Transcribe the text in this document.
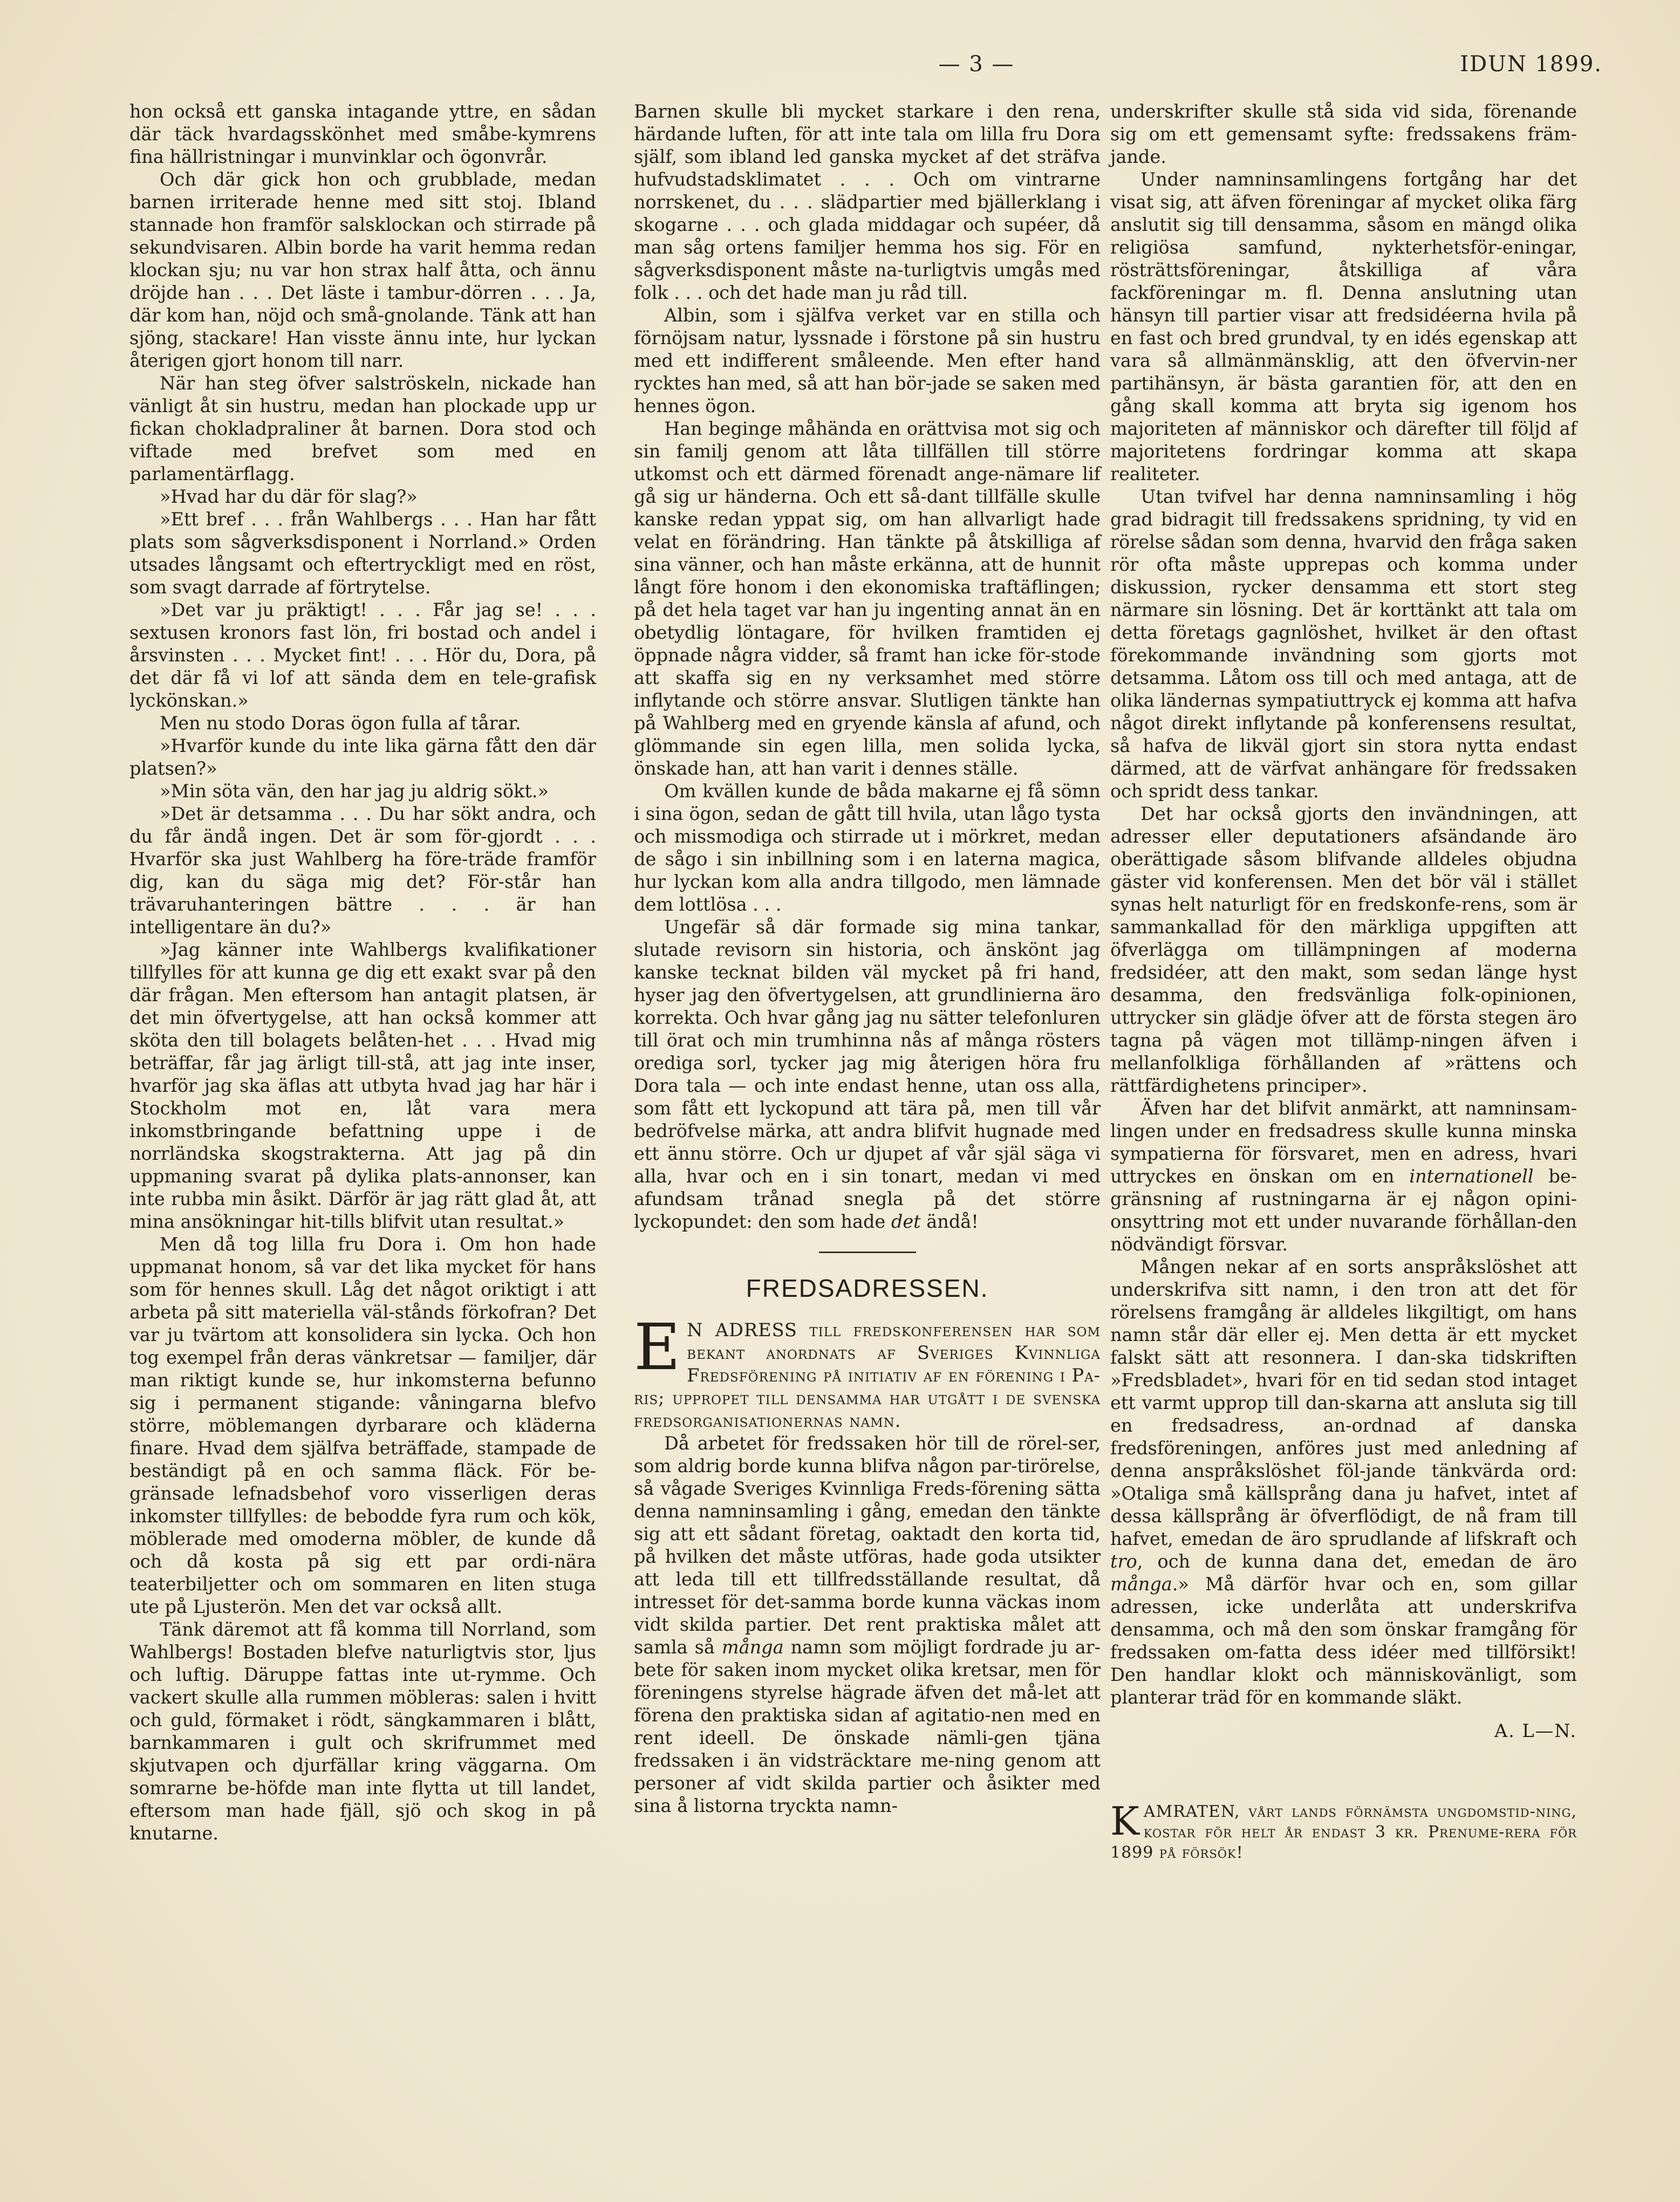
— 3 —	IDUN 1899.

hon också ett ganska intagande yttre, en sådan där täck hvardagsskönhet med småbe-kymrens fina hällristningar i munvinklar och ögonvrår.

Och där gick hon och grubblade, medan barnen irriterade henne med sitt stoj. Ibland stannade hon framför salsklockan och stirrade på sekundvisaren. Albin borde ha varit hemma redan klockan sju; nu var hon strax half åtta, och ännu dröjde han . . . Det läste i tambur-dörren . . . Ja, där kom han, nöjd och små-gnolande. Tänk att han sjöng, stackare! Han visste ännu inte, hur lyckan återigen gjort honom till narr.

När han steg öfver salströskeln, nickade han vänligt åt sin hustru, medan han plockade upp ur fickan chokladpraliner åt barnen. Dora stod och viftade med brefvet som med en parlamentärflagg.

»Hvad har du där för slag?»

»Ett bref . . . från Wahlbergs . . . Han har fått plats som sågverksdisponent i Norrland.» Orden utsades långsamt och eftertryckligt med en röst, som svagt darrade af förtrytelse.

»Det var ju präktigt! . . . Får jag se! . . . sextusen kronors fast lön, fri bostad och andel i årsvinsten . . . Mycket fint! . . . Hör du, Dora, på det där få vi lof att sända dem en tele-grafisk lyckönskan.»

Men nu stodo Doras ögon fulla af tårar.

»Hvarför kunde du inte lika gärna fått den där platsen?»

»Min söta vän, den har jag ju aldrig sökt.»

»Det är detsamma . . . Du har sökt andra, och du får ändå ingen. Det är som för-gjordt . . . Hvarför ska just Wahlberg ha före-träde framför dig, kan du säga mig det? För-står han trävaruhanteringen bättre . . . är han intelligentare än du?»

»Jag känner inte Wahlbergs kvalifikationer tillfylles för att kunna ge dig ett exakt svar på den där frågan. Men eftersom han antagit platsen, är det min öfvertygelse, att han också kommer att sköta den till bolagets belåten-het . . . Hvad mig beträffar, får jag ärligt till-stå, att jag inte inser, hvarför jag ska äflas att utbyta hvad jag har här i Stockholm mot en, låt vara mera inkomstbringande befattning uppe i de norrländska skogstrakterna. Att jag på din uppmaning svarat på dylika plats-annonser, kan inte rubba min åsikt. Därför är jag rätt glad åt, att mina ansökningar hit-tills blifvit utan resultat.»

Men då tog lilla fru Dora i. Om hon hade uppmanat honom, så var det lika mycket för hans som för hennes skull. Låg det något oriktigt i att arbeta på sitt materiella väl-stånds förkofran? Det var ju tvärtom att konsolidera sin lycka. Och hon tog exempel från deras vänkretsar — familjer, där man riktigt kunde se, hur inkomsterna befunno sig i permanent stigande: våningarna blefvo större, möblemangen dyrbarare och kläderna finare. Hvad dem själfva beträffade, stampade de beständigt på en och samma fläck. För be-gränsade lefnadsbehof voro visserligen deras inkomster tillfylles: de bebodde fyra rum och kök, möblerade med omoderna möbler, de kunde då och då kosta på sig ett par ordi-nära teaterbiljetter och om sommaren en liten stuga ute på Ljusterön. Men det var också allt.

Tänk däremot att få komma till Norrland, som Wahlbergs! Bostaden blefve naturligtvis stor, ljus och luftig. Däruppe fattas inte ut-rymme. Och vackert skulle alla rummen möbleras: salen i hvitt och guld, förmaket i rödt, sängkammaren i blått, barnkammaren i gult och skrifrummet med skjutvapen och djurfällar kring väggarna. Om somrarne be-höfde man inte flytta ut till landet, eftersom man hade fjäll, sjö och skog in på knutarne.

Barnen skulle bli mycket starkare i den rena, härdande luften, för att inte tala om lilla fru Dora själf, som ibland led ganska mycket af det sträfva hufvudstadsklimatet . . . Och om vintrarne norrskenet, du . . . slädpartier med bjällerklang i skogarne . . . och glada middagar och supéer, då man såg ortens familjer hemma hos sig. För en sågverksdisponent måste na-turligtvis umgås med folk . . . och det hade man ju råd till.

Albin, som i själfva verket var en stilla och förnöjsam natur, lyssnade i förstone på sin hustru med ett indifferent småleende. Men efter hand rycktes han med, så att han bör-jade se saken med hennes ögon.

Han beginge måhända en orättvisa mot sig och sin familj genom att låta tillfällen till större utkomst och ett därmed förenadt ange-nämare lif gå sig ur händerna. Och ett så-dant tillfälle skulle kanske redan yppat sig, om han allvarligt hade velat en förändring. Han tänkte på åtskilliga af sina vänner, och han måste erkänna, att de hunnit långt före honom i den ekonomiska traftäflingen; på det hela taget var han ju ingenting annat än en obetydlig löntagare, för hvilken framtiden ej öppnade några vidder, så framt han icke för-stode att skaffa sig en ny verksamhet med större inflytande och större ansvar. Slutligen tänkte han på Wahlberg med en gryende känsla af afund, och glömmande sin egen lilla, men solida lycka, önskade han, att han varit i dennes ställe.

Om kvällen kunde de båda makarne ej få sömn i sina ögon, sedan de gått till hvila, utan lågo tysta och missmodiga och stirrade ut i mörkret, medan de sågo i sin inbillning som i en laterna magica, hur lyckan kom alla andra tillgodo, men lämnade dem lottlösa . . .

Ungefär så där formade sig mina tankar, slutade revisorn sin historia, och änskönt jag kanske tecknat bilden väl mycket på fri hand, hyser jag den öfvertygelsen, att grundlinierna äro korrekta. Och hvar gång jag nu sätter telefonluren till örat och min trumhinna nås af många rösters orediga sorl, tycker jag mig återigen höra fru Dora tala — och inte endast henne, utan oss alla, som fått ett lyckopund att tära på, men till vår bedröfvelse märka, att andra blifvit hugnade med ett ännu större. Och ur djupet af vår själ säga vi alla, hvar och en i sin tonart, medan vi med afundsam trånad snegla på det större lyckopundet: den som hade det ändå!

FREDSADRESSEN.

E N ADRESS till fredskonferensen har som bekant anordnats af Sveriges Kvinnliga Fredsförening på initiativ af en förening i Pa-ris; uppropet till densamma har utgått i de svenska fredsorganisationernas namn.

Då arbetet för fredssaken hör till de rörel-ser, som aldrig borde kunna blifva någon par-tirörelse, så vågade Sveriges Kvinnliga Freds-förening sätta denna namninsamling i gång, emedan den tänkte sig att ett sådant företag, oaktadt den korta tid, på hvilken det måste utföras, hade goda utsikter att leda till ett tillfredsställande resultat, då intresset för det-samma borde kunna väckas inom vidt skilda partier. Det rent praktiska målet att samla så många namn som möjligt fordrade ju ar-bete för saken inom mycket olika kretsar, men för föreningens styrelse hägrade äfven det må-let att förena den praktiska sidan af agitatio-nen med en rent ideell. De önskade nämli-gen tjäna fredssaken i än vidsträcktare me-ning genom att personer af vidt skilda partier och åsikter med sina å listorna tryckta namn-

underskrifter skulle stå sida vid sida, förenande sig om ett gemensamt syfte: fredssakens främ-jande.

Under namninsamlingens fortgång har det visat sig, att äfven föreningar af mycket olika färg anslutit sig till densamma, såsom en mängd olika religiösa samfund, nykterhetsför-eningar, rösträttsföreningar, åtskilliga af våra fackföreningar m. fl. Denna anslutning utan hänsyn till partier visar att fredsidéerna hvila på en fast och bred grundval, ty en idés egenskap att vara så allmänmänsklig, att den öfvervin-ner partihänsyn, är bästa garantien för, att den en gång skall komma att bryta sig igenom hos majoriteten af människor och därefter till följd af majoritetens fordringar komma att skapa realiteter.

Utan tvifvel har denna namninsamling i hög grad bidragit till fredssakens spridning, ty vid en rörelse sådan som denna, hvarvid den fråga saken rör ofta måste upprepas och komma under diskussion, rycker densamma ett stort steg närmare sin lösning. Det är korttänkt att tala om detta företags gagnlöshet, hvilket är den oftast förekommande invändning som gjorts mot detsamma. Låtom oss till och med antaga, att de olika ländernas sympatiuttryck ej komma att hafva något direkt inflytande på konferensens resultat, så hafva de likväl gjort sin stora nytta endast därmed, att de värfvat anhängare för fredssaken och spridt dess tankar.

Det har också gjorts den invändningen, att adresser eller deputationers afsändande äro oberättigade såsom blifvande alldeles objudna gäster vid konferensen. Men det bör väl i stället synas helt naturligt för en fredskonfe-rens, som är sammankallad för den märkliga uppgiften att öfverlägga om tillämpningen af moderna fredsidéer, att den makt, som sedan länge hyst desamma, den fredsvänliga folk-opinionen, uttrycker sin glädje öfver att de första stegen äro tagna på vägen mot tillämp-ningen äfven i mellanfolkliga förhållanden af »rättens och rättfärdighetens principer».

Äfven har det blifvit anmärkt, att namninsam-lingen under en fredsadress skulle kunna minska sympatierna för försvaret, men en adress, hvari uttryckes en önskan om en internationell be-gränsning af rustningarna är ej någon opini-onsyttring mot ett under nuvarande förhållan-den nödvändigt försvar.

Mången nekar af en sorts anspråkslöshet att underskrifva sitt namn, i den tron att det för rörelsens framgång är alldeles likgiltigt, om hans namn står där eller ej. Men detta är ett mycket falskt sätt att resonnera. I dan-ska tidskriften »Fredsbladet», hvari för en tid sedan stod intaget ett varmt upprop till dan-skarna att ansluta sig till en fredsadress, an-ordnad af danska fredsföreningen, anföres just med anledning af denna anspråkslöshet föl-jande tänkvärda ord: »Otaliga små källsprång dana ju hafvet, intet af dessa källsprång är öfverflödigt, de nå fram till hafvet, emedan de äro sprudlande af lifskraft och tro, och de kunna dana det, emedan de äro många.» Må därför hvar och en, som gillar adressen, icke underlåta att underskrifva densamma, och må den som önskar framgång för fredssaken om-fatta dess idéer med tillförsikt! Den handlar klokt och människovänligt, som planterar träd för en kommande släkt.

A. L—N.

KAMRATEN, vårt lands förnämsta ungdomstid-ning, kostar för helt år endast 3 kr. Prenume-rera för 1899 på försök!
